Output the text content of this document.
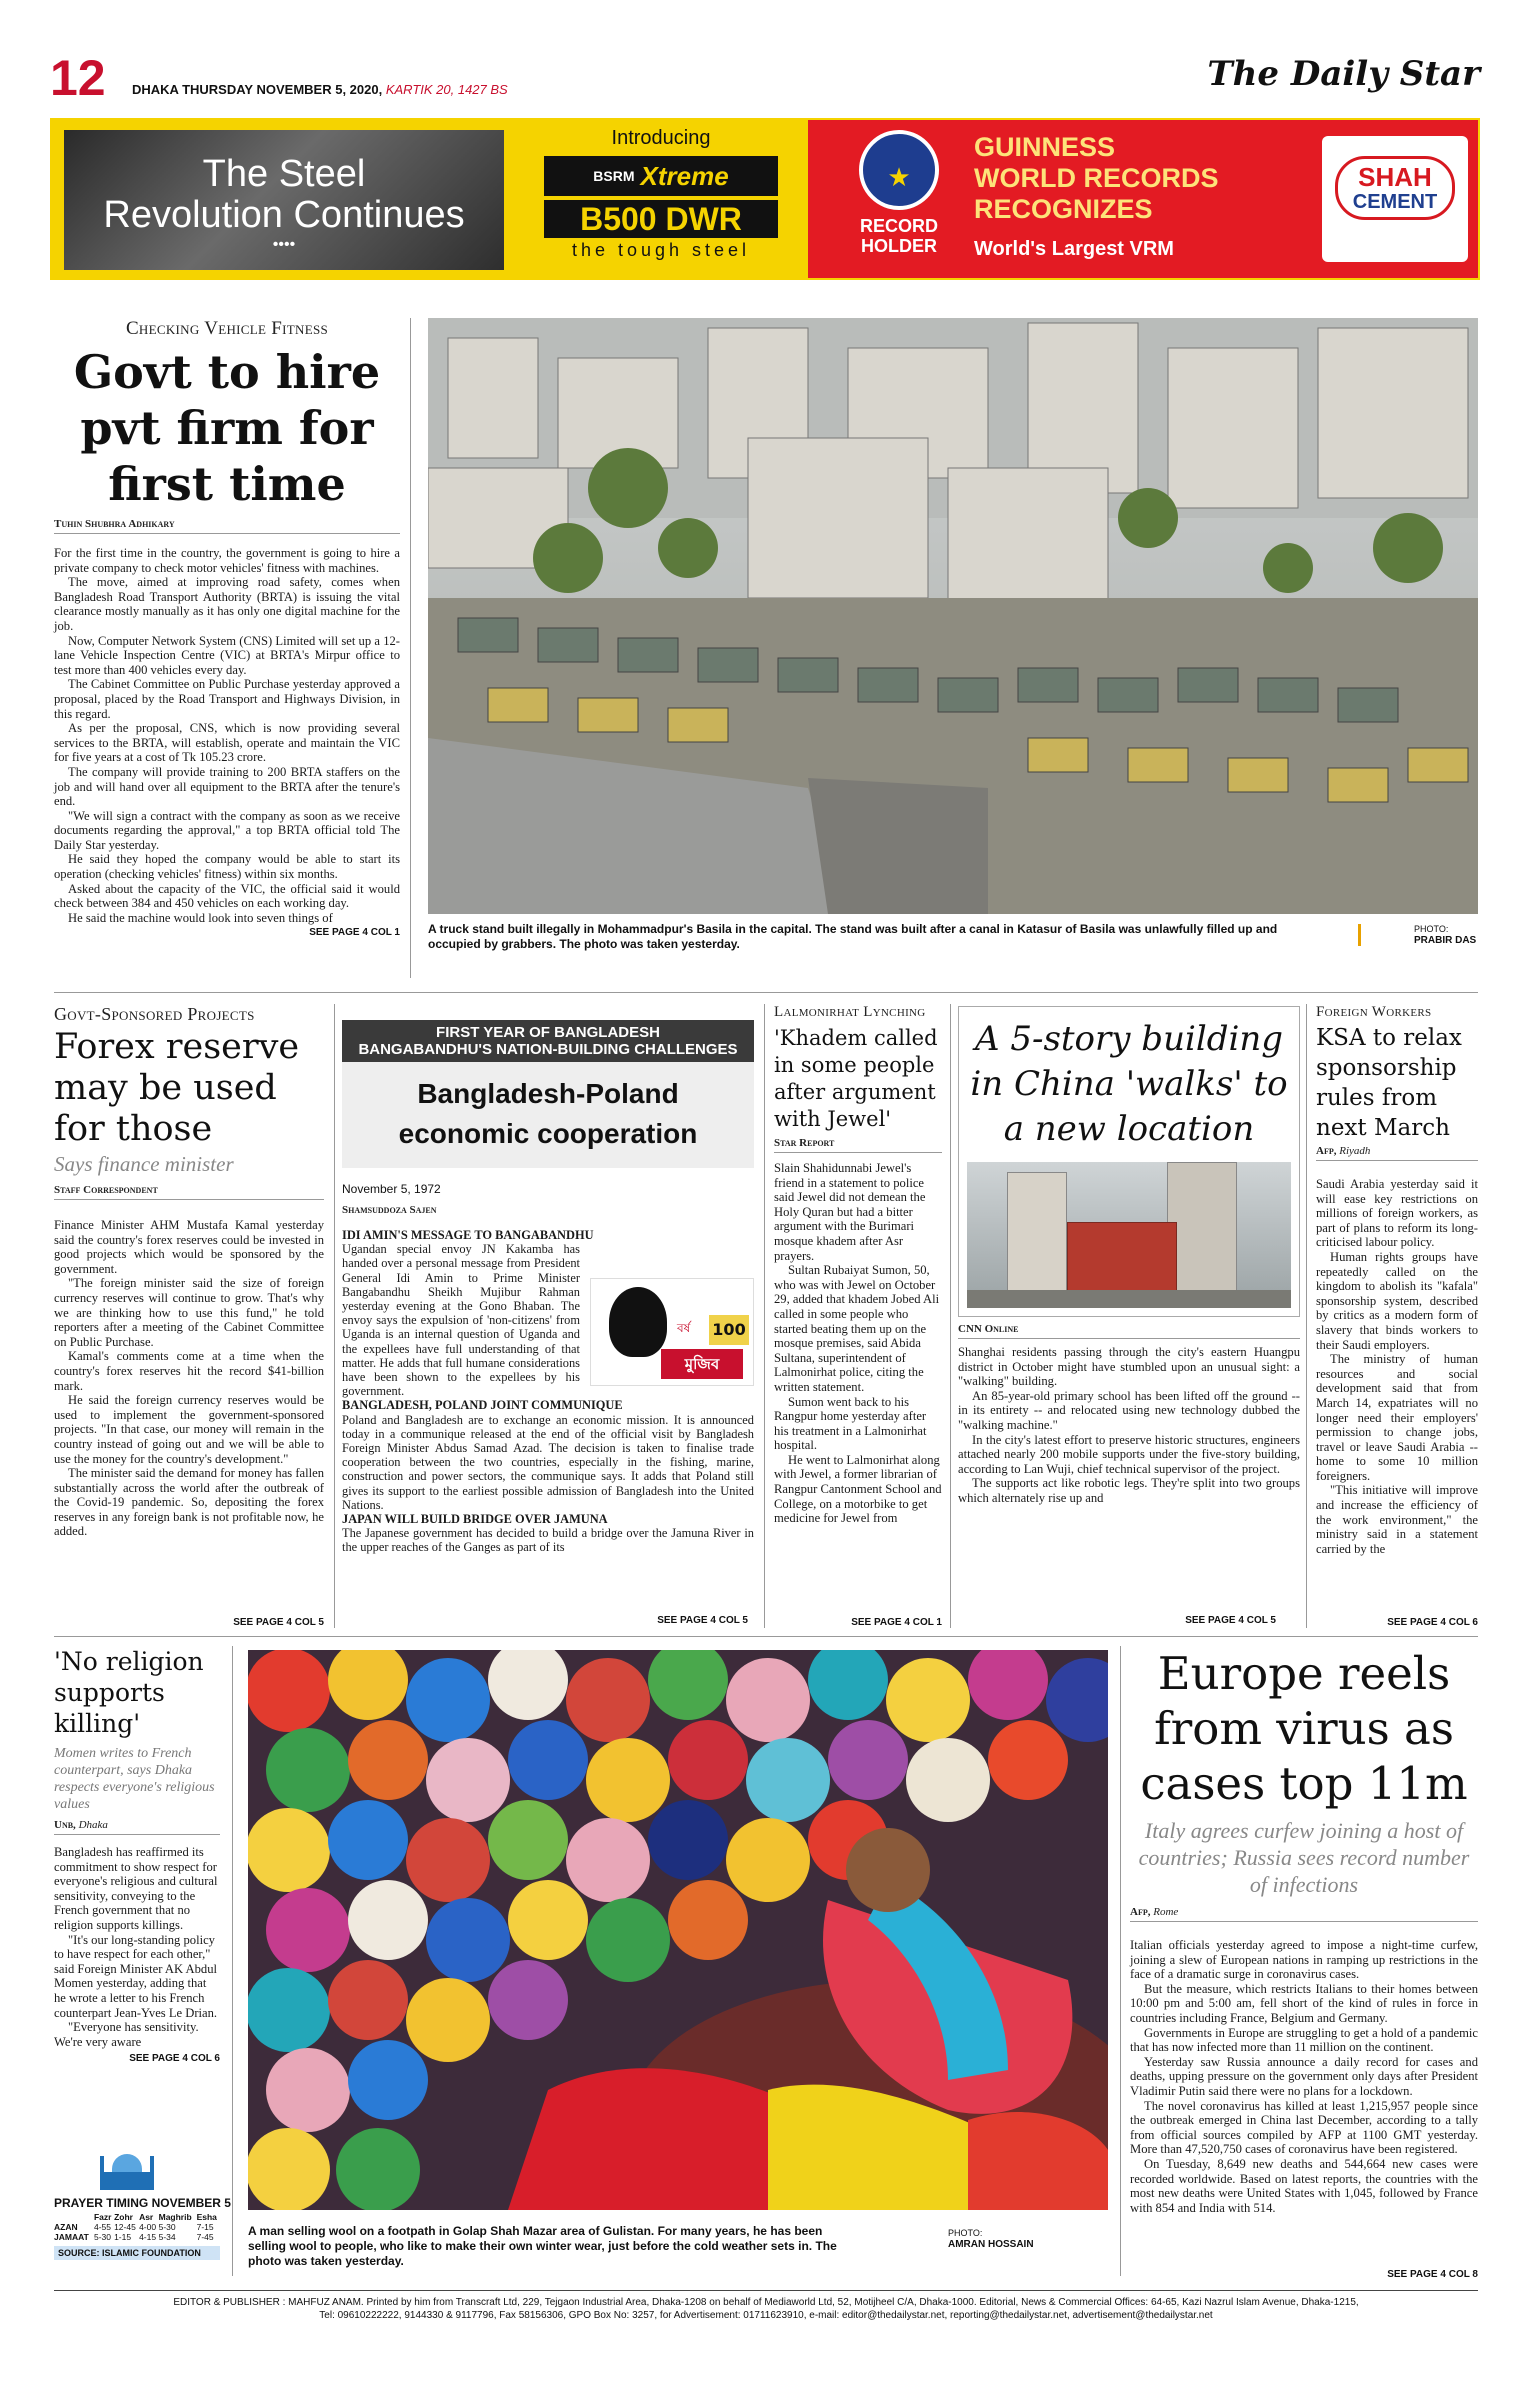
12 DHAKA THURSDAY NOVEMBER 5, 2020, KARTIK 20, 1427 BS	The Daily Star
The Steel
Revolution Continues
••••
Introducing
BSRM Xtreme
B500 DWR
the tough steel
★
RECORD
HOLDER
GUINNESS
WORLD RECORDS
RECOGNIZES
World's Largest VRM
SHAH
CEMENT
Checking Vehicle Fitness
Govt to hire pvt firm for first time
Tuhin Shubhra Adhikary

For the first time in the country, the government is going to hire a private company to check motor vehicles' fitness with machines.

The move, aimed at improving road safety, comes when Bangladesh Road Transport Authority (BRTA) is issuing the vital clearance mostly manually as it has only one digital machine for the job.

Now, Computer Network System (CNS) Limited will set up a 12-lane Vehicle Inspection Centre (VIC) at BRTA's Mirpur office to test more than 400 vehicles every day.

The Cabinet Committee on Public Purchase yesterday approved a proposal, placed by the Road Transport and Highways Division, in this regard.

As per the proposal, CNS, which is now providing several services to the BRTA, will establish, operate and maintain the VIC for five years at a cost of Tk 105.23 crore.

The company will provide training to 200 BRTA staffers on the job and will hand over all equipment to the BRTA after the tenure's end.

"We will sign a contract with the company as soon as we receive documents regarding the approval," a top BRTA official told The Daily Star yesterday.

He said they hoped the company would be able to start its operation (checking vehicles' fitness) within six months.

Asked about the capacity of the VIC, the official said it would check between 384 and 450 vehicles on each working day.

He said the machine would look into seven things of

SEE PAGE 4 COL 1 A truck stand built illegally in Mohammadpur's Basila in the capital. The stand was built after a canal in Katasur of Basila was unlawfully filled up and occupied by grabbers. The photo was taken yesterday.
PHOTO:
PRABIR DAS
Govt-Sponsored Projects
Forex reserve may be used for those
Says finance minister
Staff Correspondent

Finance Minister AHM Mustafa Kamal yesterday said the country's forex reserves could be invested in good projects which would be sponsored by the government.

"The foreign minister said the size of foreign currency reserves will continue to grow. That's why we are thinking how to use this fund," he told reporters after a meeting of the Cabinet Committee on Public Purchase.

Kamal's comments come at a time when the country's forex reserves hit the record $41-billion mark.

He said the foreign currency reserves would be used to implement the government-sponsored projects. "In that case, our money will remain in the country instead of going out and we will be able to use the money for the country's development."

The minister said the demand for money has fallen substantially across the world after the outbreak of the Covid-19 pandemic. So, depositing the forex reserves in any foreign bank is not profitable now, he added.

SEE PAGE 4 COL 5
FIRST YEAR OF BANGLADESH
BANGABANDHU'S NATION-BUILDING CHALLENGES
Bangladesh-Poland economic cooperation
November 5, 1972
Shamsuddoza Sajen
IDI AMIN'S MESSAGE TO BANGABANDHU
মুজিব
100
বর্ষ
Ugandan special envoy JN Kakamba has handed over a personal message from President General Idi Amin to Prime Minister Bangabandhu Sheikh Mujibur Rahman yesterday evening at the Gono Bhaban. The envoy says the expulsion of 'non-citizens' from Uganda is an internal question of Uganda and the expellees have full understanding of that matter. He adds that full humane considerations have been shown to the expellees by his government.
BANGLADESH, POLAND JOINT COMMUNIQUE
Poland and Bangladesh are to exchange an economic mission. It is announced today in a communique released at the end of the official visit by Bangladesh Foreign Minister Abdus Samad Azad. The decision is taken to finalise trade cooperation between the two countries, especially in the fishing, marine, construction and power sectors, the communique says. It adds that Poland still gives its support to the earliest possible admission of Bangladesh into the United Nations.
JAPAN WILL BUILD BRIDGE OVER JAMUNA
The Japanese government has decided to build a bridge over the Jamuna River in the upper reaches of the Ganges as part of its
SEE PAGE 4 COL 5
Lalmonirhat Lynching
'Khadem called in some people after argument with Jewel'
Star Report

Slain Shahidunnabi Jewel's friend in a statement to police said Jewel did not demean the Holy Quran but had a bitter argument with the Burimari mosque khadem after Asr prayers.

Sultan Rubaiyat Sumon, 50, who was with Jewel on October 29, added that khadem Jobed Ali called in some people who started beating them up on the mosque premises, said Abida Sultana, superintendent of Lalmonirhat police, citing the written statement.

Sumon went back to his Rangpur home yesterday after his treatment in a Lalmonirhat hospital.

He went to Lalmonirhat along with Jewel, a former librarian of Rangpur Cantonment School and College, on a motorbike to get medicine for Jewel from

SEE PAGE 4 COL 1
A 5-story building in China 'walks' to a new location
CNN Online

Shanghai residents passing through the city's eastern Huangpu district in October might have stumbled upon an unusual sight: a "walking" building.

An 85-year-old primary school has been lifted off the ground -- in its entirety -- and relocated using new technology dubbed the "walking machine."

In the city's latest effort to preserve historic structures, engineers attached nearly 200 mobile supports under the five-story building, according to Lan Wuji, chief technical supervisor of the project.

The supports act like robotic legs. They're split into two groups which alternately rise up and

SEE PAGE 4 COL 5
Foreign Workers
KSA to relax sponsorship rules from next March
Afp, Riyadh

Saudi Arabia yesterday said it will ease key restrictions on millions of foreign workers, as part of plans to reform its long-criticised labour policy.

Human rights groups have repeatedly called on the kingdom to abolish its "kafala" sponsorship system, described by critics as a modern form of slavery that binds workers to their Saudi employers.

The ministry of human resources and social development said that from March 14, expatriates will no longer need their employers' permission to change jobs, travel or leave Saudi Arabia -- home to some 10 million foreigners.

"This initiative will improve and increase the efficiency of the work environment," the ministry said in a statement carried by the

SEE PAGE 4 COL 6
'No religion supports killing'
Momen writes to French counterpart, says Dhaka respects everyone's religious values
Unb, Dhaka

Bangladesh has reaffirmed its commitment to show respect for everyone's religious and cultural sensitivity, conveying to the French government that no religion supports killings.

"It's our long-standing policy to have respect for each other," said Foreign Minister AK Abdul Momen yesterday, adding that he wrote a letter to his French counterpart Jean-Yves Le Drian.

"Everyone has sensitivity. We're very aware

SEE PAGE 4 COL 6
PRAYER TIMING NOVEMBER 5
	Fazr	Zohr	Asr	Maghrib	Esha
AZAN	4-55	12-45	4-00	5-30	7-15
JAMAAT	5-30	1-15	4-15	5-34	7-45
SOURCE: ISLAMIC FOUNDATION
A man selling wool on a footpath in Golap Shah Mazar area of Gulistan. For many years, he has been selling wool to people, who like to make their own winter wear, just before the cold weather sets in. The photo was taken yesterday.
PHOTO:
AMRAN HOSSAIN
Europe reels from virus as cases top 11m
Italy agrees curfew joining a host of countries; Russia sees record number of infections
Afp, Rome

Italian officials yesterday agreed to impose a night-time curfew, joining a slew of European nations in ramping up restrictions in the face of a dramatic surge in coronavirus cases.

But the measure, which restricts Italians to their homes between 10:00 pm and 5:00 am, fell short of the kind of rules in force in countries including France, Belgium and Germany.

Governments in Europe are struggling to get a hold of a pandemic that has now infected more than 11 million on the continent.

Yesterday saw Russia announce a daily record for cases and deaths, upping pressure on the government only days after President Vladimir Putin said there were no plans for a lockdown.

The novel coronavirus has killed at least 1,215,957 people since the outbreak emerged in China last December, according to a tally from official sources compiled by AFP at 1100 GMT yesterday. More than 47,520,750 cases of coronavirus have been registered.

On Tuesday, 8,649 new deaths and 544,664 new cases were recorded worldwide. Based on latest reports, the countries with the most new deaths were United States with 1,045, followed by France with 854 and India with 514.

SEE PAGE 4 COL 8
EDITOR & PUBLISHER : MAHFUZ ANAM. Printed by him from Transcraft Ltd, 229, Tejgaon Industrial Area, Dhaka-1208 on behalf of Mediaworld Ltd, 52, Motijheel C/A, Dhaka-1000. Editorial, News & Commercial Offices: 64-65, Kazi Nazrul Islam Avenue, Dhaka-1215,
Tel: 09610222222, 9144330 & 9117796, Fax 58156306, GPO Box No: 3257, for Advertisement: 01711623910, e-mail: editor@thedailystar.net, reporting@thedailystar.net, advertisement@thedailystar.net
